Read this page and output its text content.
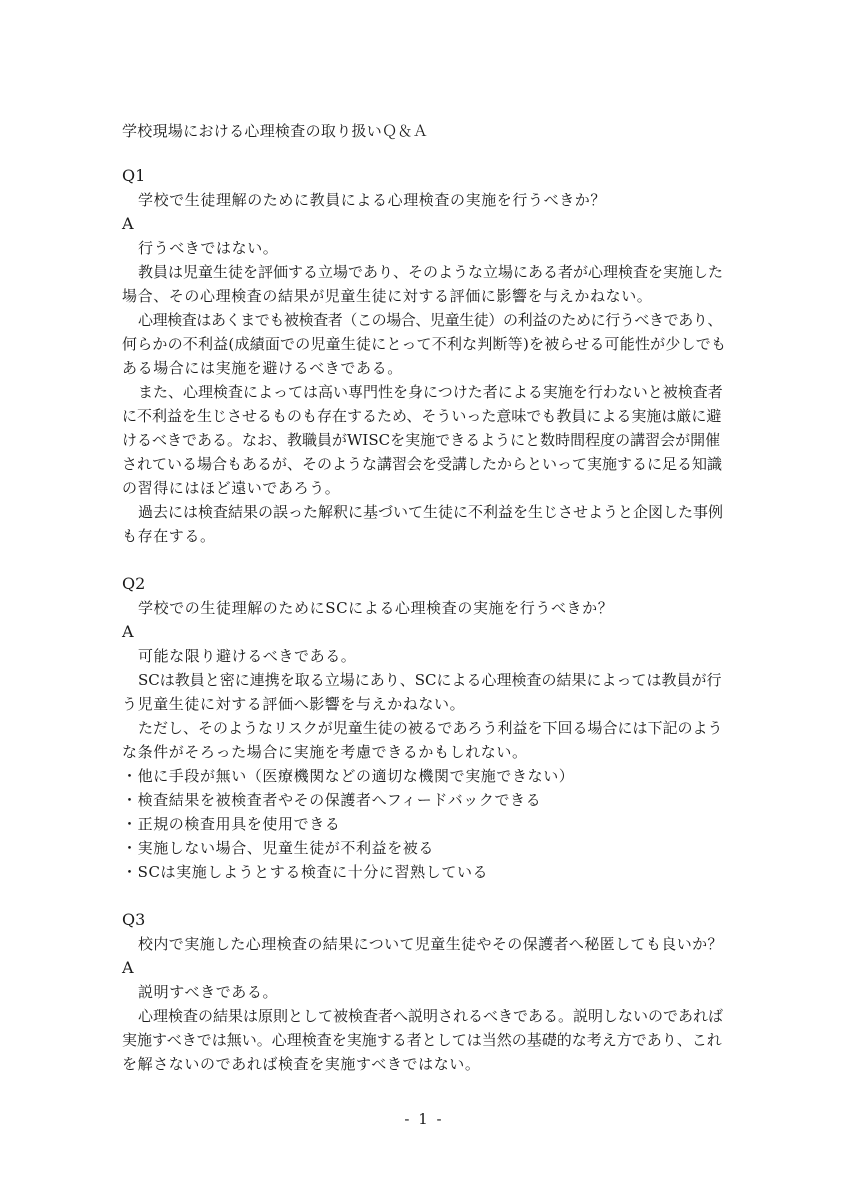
学校現場における心理検査の取り扱いＱ＆Ａ
Q1
学校で生徒理解のために教員による心理検査の実施を行うべきか？
A
行うべきではない。
教員は児童生徒を評価する立場であり、そのような立場にある者が心理検査を実施した
場合、その心理検査の結果が児童生徒に対する評価に影響を与えかねない。
心理検査はあくまでも被検査者（この場合、児童生徒）の利益のために行うべきであり、
何らかの不利益(成績面での児童生徒にとって不利な判断等)を被らせる可能性が少しでも
ある場合には実施を避けるべきである。
また、心理検査によっては高い専門性を身につけた者による実施を行わないと被検査者
に不利益を生じさせるものも存在するため、そういった意味でも教員による実施は厳に避
けるべきである。なお、教職員がWISCを実施できるようにと数時間程度の講習会が開催
されている場合もあるが、そのような講習会を受講したからといって実施するに足る知識
の習得にはほど遠いであろう。
過去には検査結果の誤った解釈に基づいて生徒に不利益を生じさせようと企図した事例
も存在する。
Q2
学校での生徒理解のためにSCによる心理検査の実施を行うべきか？
A
可能な限り避けるべきである。
SCは教員と密に連携を取る立場にあり、SCによる心理検査の結果によっては教員が行
う児童生徒に対する評価へ影響を与えかねない。
ただし、そのようなリスクが児童生徒の被るであろう利益を下回る場合には下記のよう
な条件がそろった場合に実施を考慮できるかもしれない。
・他に手段が無い（医療機関などの適切な機関で実施できない）
・検査結果を被検査者やその保護者へフィードバックできる
・正規の検査用具を使用できる
・実施しない場合、児童生徒が不利益を被る
・SCは実施しようとする検査に十分に習熟している
Q3
校内で実施した心理検査の結果について児童生徒やその保護者へ秘匿しても良いか？
A
説明すべきである。
心理検査の結果は原則として被検査者へ説明されるべきである。説明しないのであれば
実施すべきでは無い。心理検査を実施する者としては当然の基礎的な考え方であり、これ
を解さないのであれば検査を実施すべきではない。
- 1 -
